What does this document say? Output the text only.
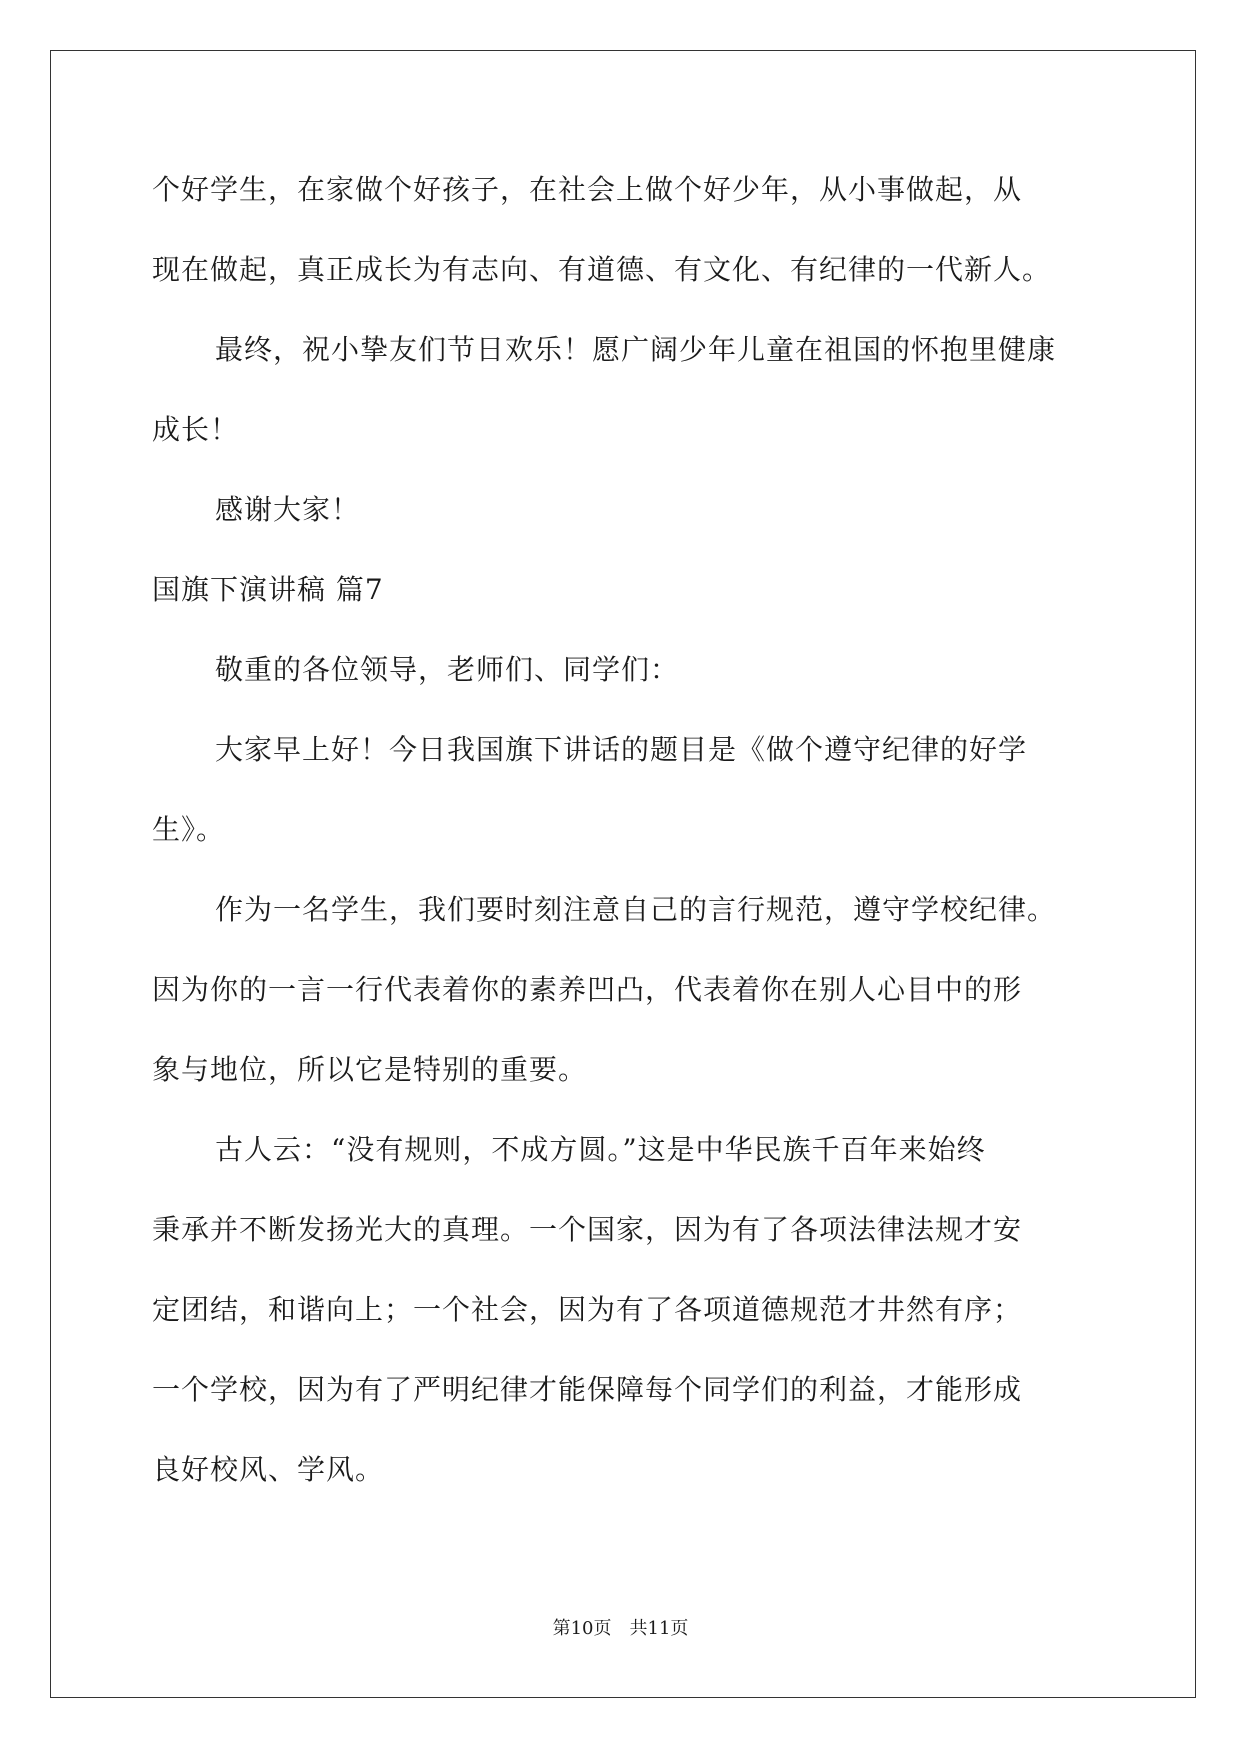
个好学生，在家做个好孩子，在社会上做个好少年，从小事做起，从
现在做起，真正成长为有志向、有道德、有文化、有纪律的一代新人。
最终，祝小挚友们节日欢乐！愿广阔少年儿童在祖国的怀抱里健康
成长！
感谢大家！
国旗下演讲稿 篇7
敬重的各位领导，老师们、同学们：
大家早上好！今日我国旗下讲话的题目是《做个遵守纪律的好学
生》。
作为一名学生，我们要时刻注意自己的言行规范，遵守学校纪律。
因为你的一言一行代表着你的素养凹凸，代表着你在别人心目中的形
象与地位，所以它是特别的重要。
古人云：“没有规则，不成方圆。”这是中华民族千百年来始终
秉承并不断发扬光大的真理。一个国家，因为有了各项法律法规才安
定团结，和谐向上；一个社会，因为有了各项道德规范才井然有序；
一个学校，因为有了严明纪律才能保障每个同学们的利益，才能形成
良好校风、学风。
第10页　共11页
